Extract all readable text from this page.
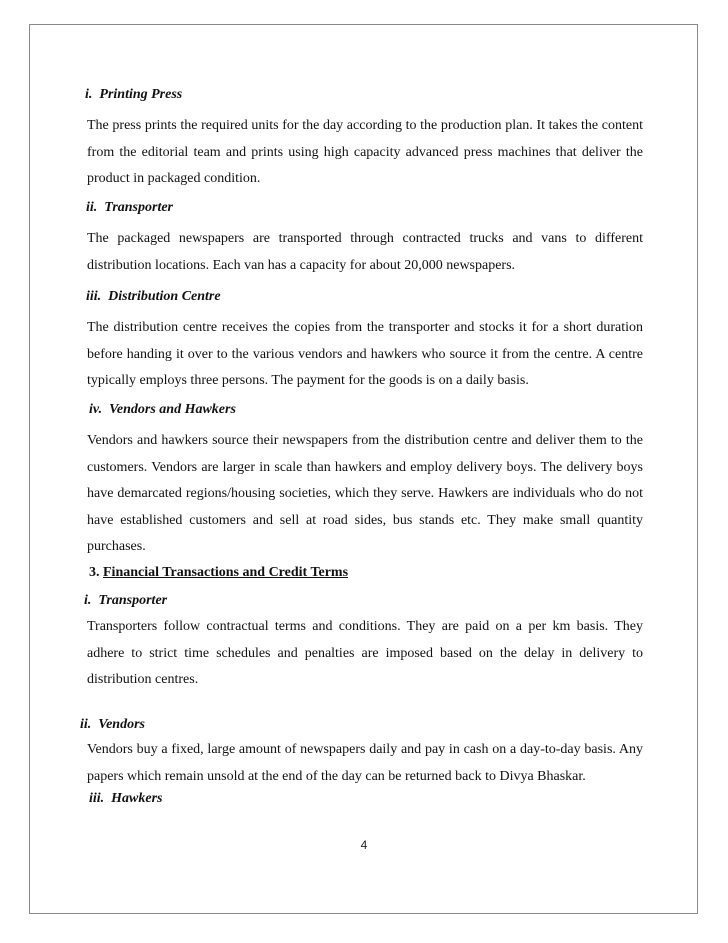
i. Printing Press

The press prints the required units for the day according to the production plan. It takes the content from the editorial team and prints using high capacity advanced press machines that deliver the product in packaged condition.

ii. Transporter

The packaged newspapers are transported through contracted trucks and vans to different distribution locations. Each van has a capacity for about 20,000 newspapers.

iii. Distribution Centre

The distribution centre receives the copies from the transporter and stocks it for a short duration before handing it over to the various vendors and hawkers who source it from the centre. A centre typically employs three persons. The payment for the goods is on a daily basis.

iv. Vendors and Hawkers

Vendors and hawkers source their newspapers from the distribution centre and deliver them to the customers. Vendors are larger in scale than hawkers and employ delivery boys. The delivery boys have demarcated regions/housing societies, which they serve. Hawkers are individuals who do not have established customers and sell at road sides, bus stands etc. They make small quantity purchases.

3. Financial Transactions and Credit Terms
i. Transporter

Transporters follow contractual terms and conditions. They are paid on a per km basis. They adhere to strict time schedules and penalties are imposed based on the delay in delivery to distribution centres.

ii. Vendors

Vendors buy a fixed, large amount of newspapers daily and pay in cash on a day-to-day basis. Any papers which remain unsold at the end of the day can be returned back to Divya Bhaskar.

iii. Hawkers
4
